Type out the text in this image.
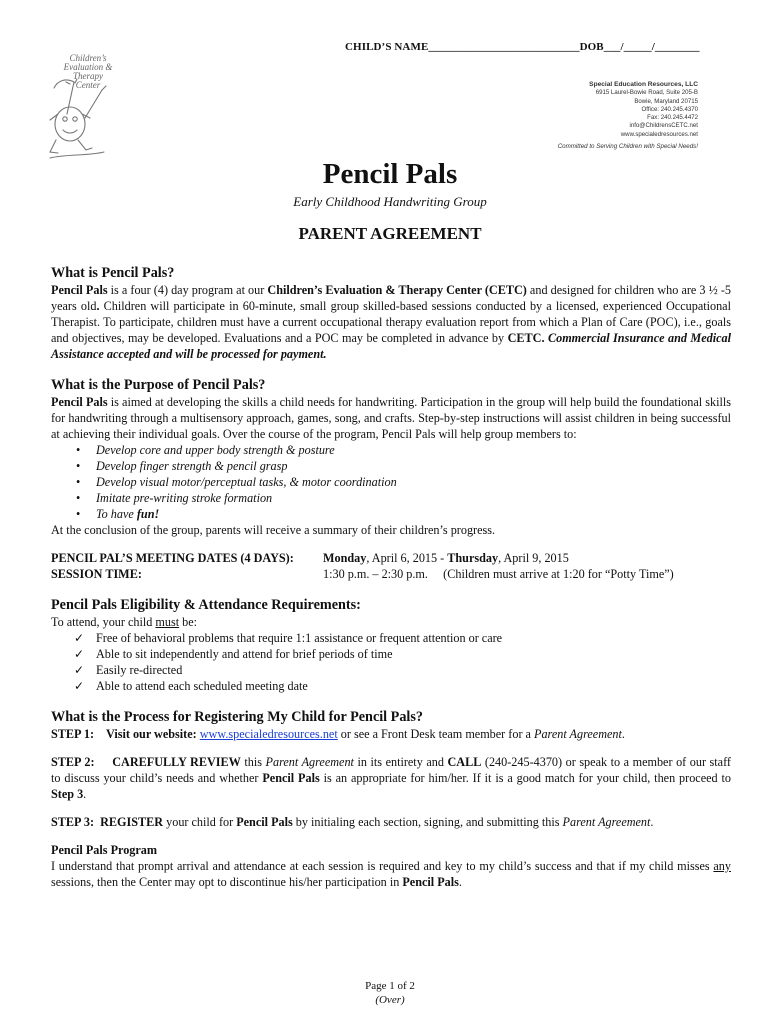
CHILD’S NAME___________________________DOB___/_____/________
Children’s
Evaluation & Therapy
Center	Special Education Resources, LLC
6915 Laurel-Bowie Road, Suite 205-B
Bowie, Maryland 20715
Office: 240.245.4370
Fax: 240.245.4472
info@ChildrensCETC.net
www.specialedresources.net
Committed to Serving Children with Special Needs!
Pencil Pals
Early Childhood Handwriting Group
PARENT AGREEMENT
What is Pencil Pals?

Pencil Pals is a four (4) day program at our Children’s Evaluation & Therapy Center (CETC) and designed for children who are 3 ½ -5 years old. Children will participate in 60-minute, small group skilled-based sessions conducted by a licensed, experienced Occupational Therapist. To participate, children must have a current occupational therapy evaluation report from which a Plan of Care (POC), i.e., goals and objectives, may be developed. Evaluations and a POC may be completed in advance by CETC. Commercial Insurance and Medical Assistance accepted and will be processed for payment.

What is the Purpose of Pencil Pals?

Pencil Pals is aimed at developing the skills a child needs for handwriting. Participation in the group will help build the foundational skills for handwriting through a multisensory approach, games, song, and crafts. Step-by-step instructions will assist children in being successful at achieving their individual goals. Over the course of the program, Pencil Pals will help group members to:

• Develop core and upper body strength & posture
• Develop finger strength & pencil grasp
• Develop visual motor/perceptual tasks, & motor coordination
• Imitate pre-writing stroke formation
• To have fun!

At the conclusion of the group, parents will receive a summary of their children’s progress.

PENCIL PAL’S MEETING DATES (4 DAYS):	Monday, April 6, 2015 - Thursday, April 9, 2015
SESSION TIME:	1:30 p.m. – 2:30 p.m.     (Children must arrive at 1:20 for “Potty Time”)
Pencil Pals Eligibility & Attendance Requirements:

To attend, your child must be:

✓ Free of behavioral problems that require 1:1 assistance or frequent attention or care
✓ Able to sit independently and attend for brief periods of time
✓ Easily re-directed
✓ Able to attend each scheduled meeting date
What is the Process for Registering My Child for Pencil Pals?

STEP 1:    Visit our website: www.specialedresources.net or see a Front Desk team member for a Parent Agreement.

STEP 2:     CAREFULLY REVIEW this Parent Agreement in its entirety and CALL (240-245-4370) or speak to a member of our staff to discuss your child’s needs and whether Pencil Pals is an appropriate for him/her. If it is a good match for your child, then proceed to Step 3.

STEP 3:  REGISTER your child for Pencil Pals by initialing each section, signing, and submitting this Parent Agreement.

Pencil Pals Program

I understand that prompt arrival and attendance at each session is required and key to my child’s success and that if my child misses any sessions, then the Center may opt to discontinue his/her participation in Pencil Pals.

Page 1 of 2
(Over)
